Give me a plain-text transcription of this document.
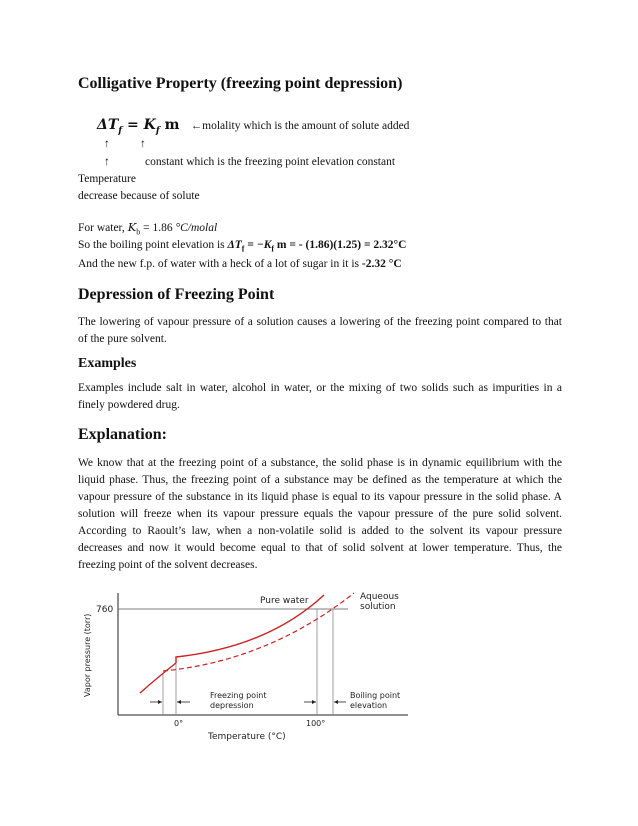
Colligative Property (freezing point depression)
$\Delta T_f = K_f$ m ←molality which is the amount of solute added
↑	↑
↑	constant which is the freezing point elevation constant
Temperature
decrease because of solute
For water, $K_b = 1.86$ °C/molal
So the boiling point elevation is $\Delta T_f = -K_f$ m = - (1.86)(1.25) = 2.32°C
And the new f.p. of water with a heck of a lot of sugar in it is -2.32 °C
Depression of Freezing Point
The lowering of vapour pressure of a solution causes a lowering of the freezing point compared to that of the pure solvent.
Examples
Examples include salt in water, alcohol in water, or the mixing of two solids such as impurities in a finely powdered drug.
Explanation:
We know that at the freezing point of a substance, the solid phase is in dynamic equilibrium with the liquid phase. Thus, the freezing point of a substance may be defined as the temperature at which the vapour pressure of the substance in its liquid phase is equal to its vapour pressure in the solid phase. A solution will freeze when its vapour pressure equals the vapour pressure of the pure solid solvent. According to Raoult’s law, when a non-volatile solid is added to the solvent its vapour pressure decreases and now it would become equal to that of solid solvent at lower temperature. Thus, the freezing point of the solvent decreases.
760
Vapor pressure (torr)
Temperature (°C)
0°	100°
Pure water	Aqueous
solution
Freezing point
depression
Boiling point
elevation
